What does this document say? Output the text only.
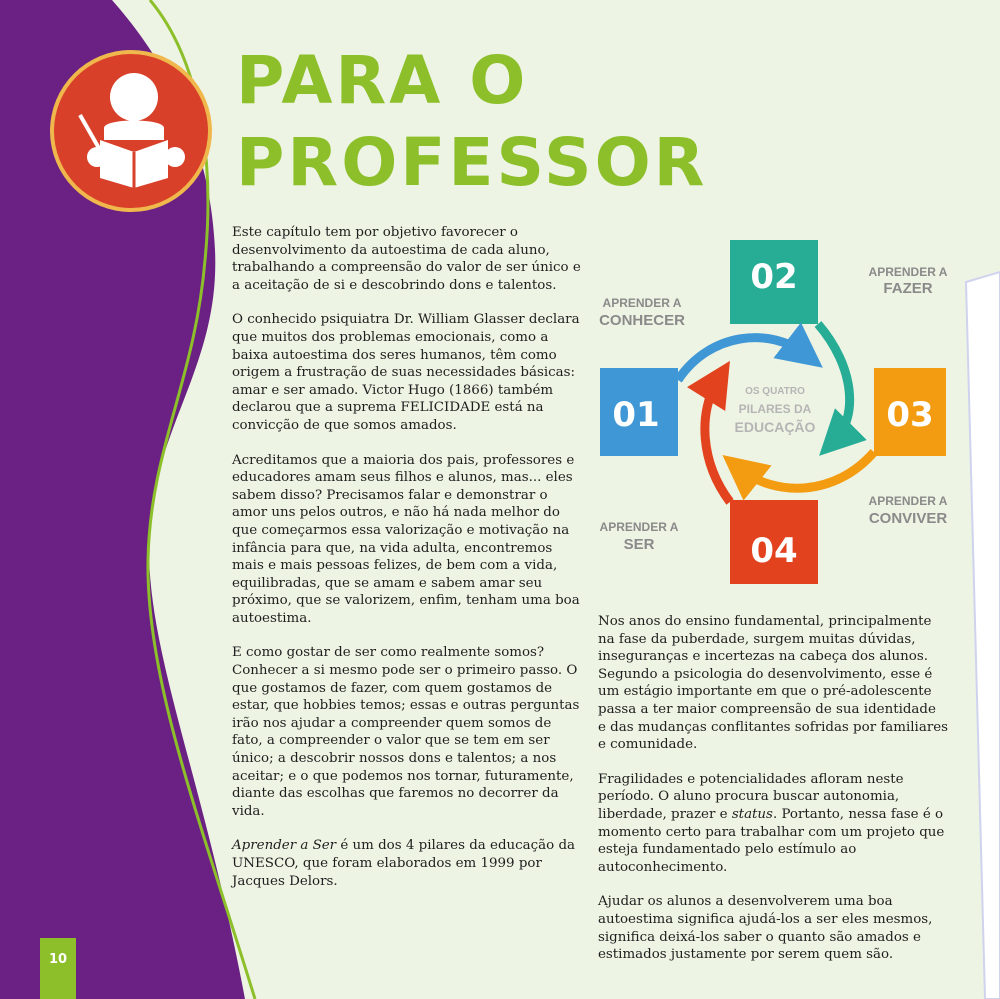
PARA O
PROFESSOR

Este capítulo tem por objetivo favorecer o desenvolvimento da autoestima de cada aluno, trabalhando a compreensão do valor de ser único e a aceitação de si e descobrindo dons e talentos.

O conhecido psiquiatra Dr. William Glasser declara que muitos dos problemas emocionais, como a baixa autoestima dos seres humanos, têm como origem a frustração de suas necessidades básicas: amar e ser amado. Victor Hugo (1866) também declarou que a suprema FELICIDADE está na convicção de que somos amados.

Acreditamos que a maioria dos pais, professores e educadores amam seus filhos e alunos, mas... eles sabem disso? Precisamos falar e demonstrar o amor uns pelos outros, e não há nada melhor do que começarmos essa valorização e motivação na infância para que, na vida adulta, encontremos mais e mais pessoas felizes, de bem com a vida, equilibradas, que se amam e sabem amar seu próximo, que se valorizem, enfim, tenham uma boa autoestima.

E como gostar de ser como realmente somos? Conhecer a si mesmo pode ser o primeiro passo. O que gostamos de fazer, com quem gostamos de estar, que hobbies temos; essas e outras perguntas irão nos ajudar a compreender quem somos de fato, a compreender o valor que se tem em ser único; a descobrir nossos dons e talentos; a nos aceitar; e o que podemos nos tornar, futuramente, diante das escolhas que faremos no decorrer da vida.

Aprender a Ser é um dos 4 pilares da educação da UNESCO, que foram elaborados em 1999 por Jacques Delors.

01
02
03
04
OS QUATRO
PILARES DA
EDUCAÇÃO
APRENDER A
CONHECER
APRENDER A
FAZER
APRENDER A
CONVIVER
APRENDER A
SER

Nos anos do ensino fundamental, principalmente na fase da puberdade, surgem muitas dúvidas, inseguranças e incertezas na cabeça dos alunos. Segundo a psicologia do desenvolvimento, esse é um estágio importante em que o pré-adolescente passa a ter maior compreensão de sua identidade e das mudanças conflitantes sofridas por familiares e comunidade.

Fragilidades e potencialidades afloram neste período. O aluno procura buscar autonomia, liberdade, prazer e status. Portanto, nessa fase é o momento certo para trabalhar com um projeto que esteja fundamentado pelo estímulo ao autoconhecimento.

Ajudar os alunos a desenvolverem uma boa autoestima significa ajudá-los a ser eles mesmos, significa deixá-los saber o quanto são amados e estimados justamente por serem quem são.

10
